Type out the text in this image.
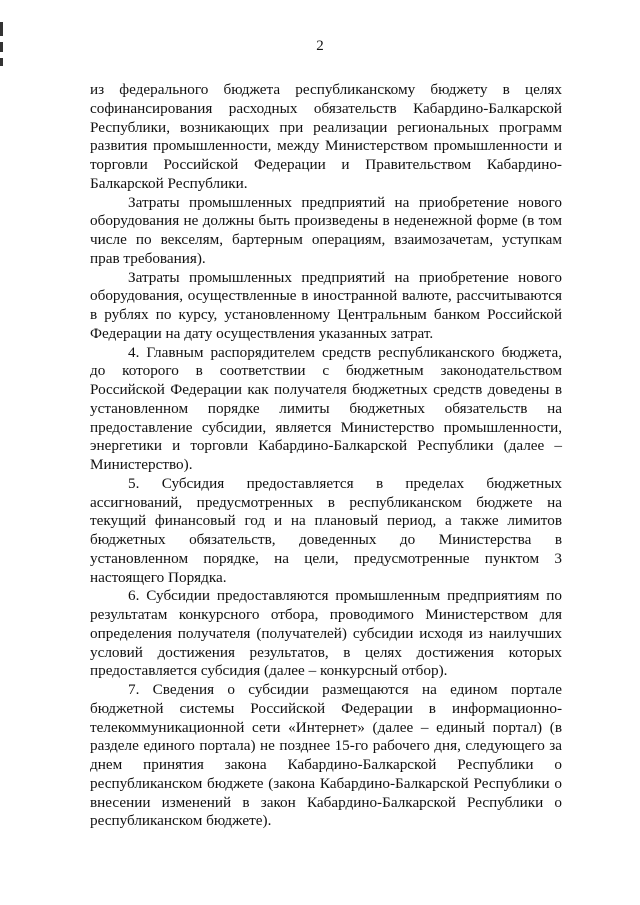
2

из федерального бюджета республиканскому бюджету в целях софинансирования расходных обязательств Кабардино-Балкарской Республики, возникающих при реализации региональных программ развития промышленности, между Министерством промышленности и торговли Российской Федерации и Правительством Кабардино-Балкарской Республики.

Затраты промышленных предприятий на приобретение нового оборудования не должны быть произведены в неденежной форме (в том числе по векселям, бартерным операциям, взаимозачетам, уступкам прав требования).

Затраты промышленных предприятий на приобретение нового оборудования, осуществленные в иностранной валюте, рассчитываются в рублях по курсу, установленному Центральным банком Российской Федерации на дату осуществления указанных затрат.

4. Главным распорядителем средств республиканского бюджета, до которого в соответствии с бюджетным законодательством Российской Федерации как получателя бюджетных средств доведены в установленном порядке лимиты бюджетных обязательств на предоставление субсидии, является Министерство промышленности, энергетики и торговли Кабардино-Балкарской Республики (далее – Министерство).

5. Субсидия предоставляется в пределах бюджетных ассигнований, предусмотренных в республиканском бюджете на текущий финансовый год и на плановый период, а также лимитов бюджетных обязательств, доведенных до Министерства в установленном порядке, на цели, предусмотренные пунктом 3 настоящего Порядка.

6. Субсидии предоставляются промышленным предприятиям по результатам конкурсного отбора, проводимого Министерством для определения получателя (получателей) субсидии исходя из наилучших условий достижения результатов, в целях достижения которых предоставляется субсидия (далее – конкурсный отбор).

7. Сведения о субсидии размещаются на едином портале бюджетной системы Российской Федерации в информационно-телекоммуникационной сети «Интернет» (далее – единый портал) (в разделе единого портала) не позднее 15-го рабочего дня, следующего за днем принятия закона Кабардино-Балкарской Республики о республиканском бюджете (закона Кабардино-Балкарской Республики о внесении изменений в закон Кабардино-Балкарской Республики о республиканском бюджете).
